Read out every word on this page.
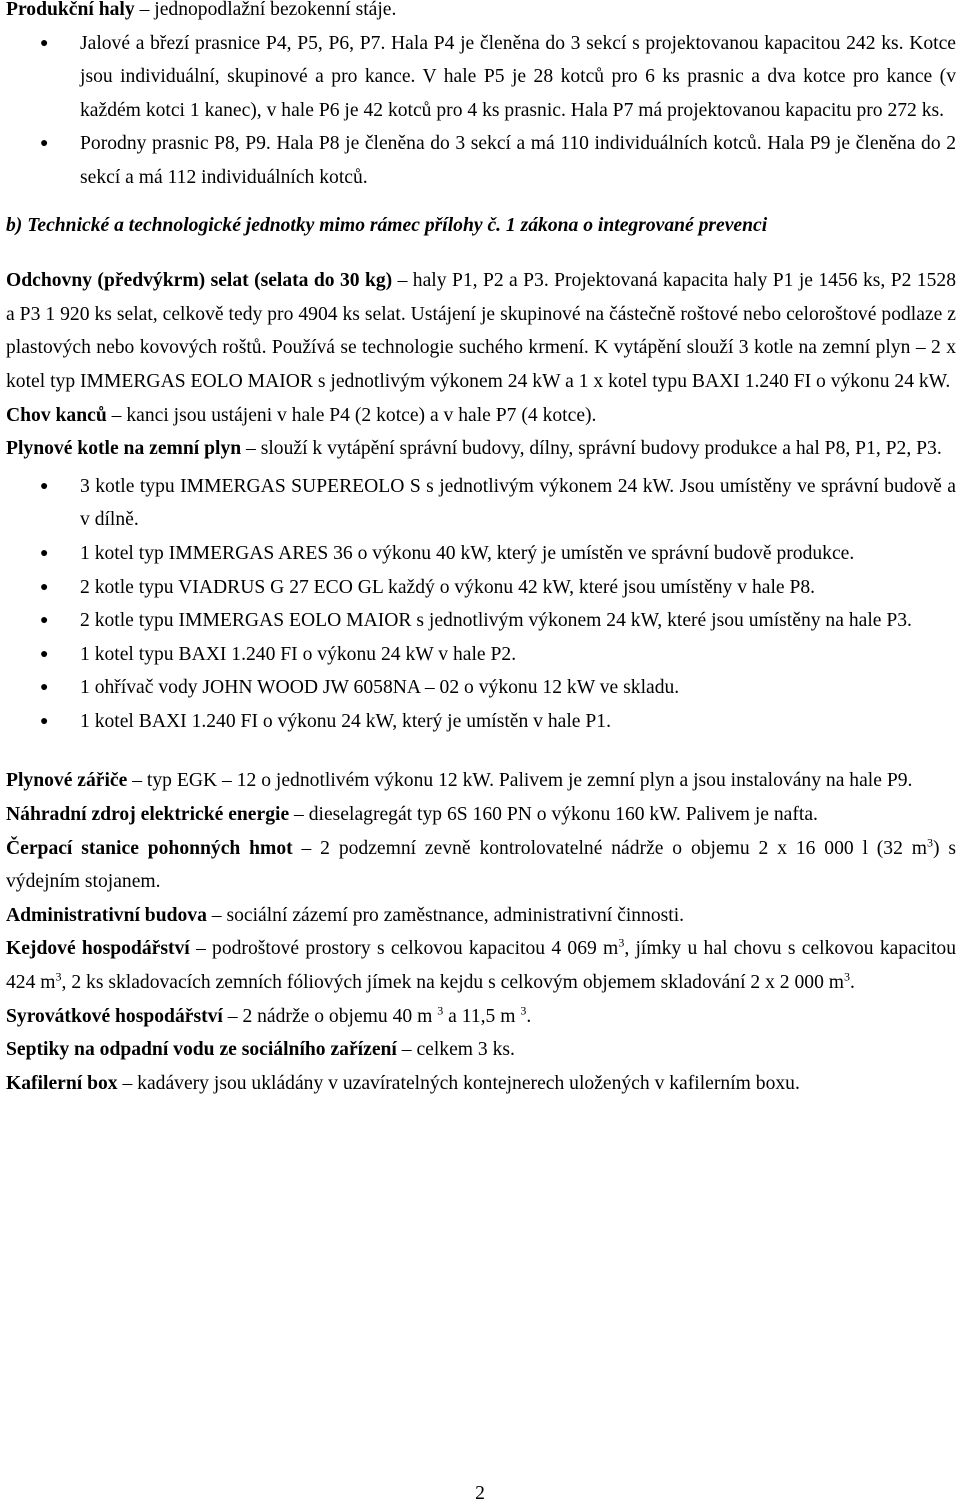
Produkční haly – jednopodlažní bezokenní stáje.

● Jalové a březí prasnice P4, P5, P6, P7. Hala P4 je členěna do 3 sekcí s projektovanou kapacitou 242 ks. Kotce jsou individuální, skupinové a pro kance. V hale P5 je 28 kotců pro 6 ks prasnic a dva kotce pro kance (v každém kotci 1 kanec), v hale P6 je 42 kotců pro 4 ks prasnic. Hala P7 má projektovanou kapacitu pro 272 ks.
● Porodny prasnic P8, P9. Hala P8 je členěna do 3 sekcí a má 110 individuálních kotců. Hala P9 je členěna do 2 sekcí a má 112 individuálních kotců.

b) Technické a technologické jednotky mimo rámec přílohy č. 1 zákona o integrované prevenci

Odchovny (předvýkrm) selat (selata do 30 kg) – haly P1, P2 a P3. Projektovaná kapacita haly P1 je 1456 ks, P2 1528 a P3 1 920 ks selat, celkově tedy pro 4904 ks selat. Ustájení je skupinové na částečně roštové nebo celoroštové podlaze z plastových nebo kovových roštů. Používá se technologie suchého krmení. K vytápění slouží 3 kotle na zemní plyn – 2 x kotel typ IMMERGAS EOLO MAIOR s jednotlivým výkonem 24 kW a 1 x kotel typu BAXI 1.240 FI o výkonu 24 kW.

Chov kanců – kanci jsou ustájeni v hale P4 (2 kotce) a v hale P7 (4 kotce).

Plynové kotle na zemní plyn – slouží k vytápění správní budovy, dílny, správní budovy produkce a hal P8, P1, P2, P3.

● 3 kotle typu IMMERGAS SUPEREOLO S s jednotlivým výkonem 24 kW. Jsou umístěny ve správní budově a v dílně.
● 1 kotel typ IMMERGAS ARES 36 o výkonu 40 kW, který je umístěn ve správní budově produkce.
● 2 kotle typu VIADRUS G 27 ECO GL každý o výkonu 42 kW, které jsou umístěny v hale P8.
● 2 kotle typu IMMERGAS EOLO MAIOR s jednotlivým výkonem 24 kW, které jsou umístěny na hale P3.
● 1 kotel typu BAXI 1.240 FI o výkonu 24 kW v hale P2.
● 1 ohřívač vody JOHN WOOD JW 6058NA – 02 o výkonu 12 kW ve skladu.
● 1 kotel BAXI 1.240 FI o výkonu 24 kW, který je umístěn v hale P1.

Plynové zářiče – typ EGK – 12 o jednotlivém výkonu 12 kW. Palivem je zemní plyn a jsou instalovány na hale P9.

Náhradní zdroj elektrické energie – dieselagregát typ 6S 160 PN o výkonu 160 kW. Palivem je nafta.

Čerpací stanice pohonných hmot – 2 podzemní zevně kontrolovatelné nádrže o objemu 2 x 16 000 l (32 $m^3$) s výdejním stojanem.

Administrativní budova – sociální zázemí pro zaměstnance, administrativní činnosti.

Kejdové hospodářství – podroštové prostory s celkovou kapacitou 4 069 $m^3$, jímky u hal chovu s celkovou kapacitou 424 $m^3$, 2 ks skladovacích zemních fóliových jímek na kejdu s celkovým objemem skladování 2 x 2 000 $m^3$.

Syrovátkové hospodářství – 2 nádrže o objemu 40 m $^3$ a 11,5 m $^3$.

Septiky na odpadní vodu ze sociálního zařízení – celkem 3 ks.

Kafilerní box – kadávery jsou ukládány v uzavíratelných kontejnerech uložených v kafilerním boxu.

2
